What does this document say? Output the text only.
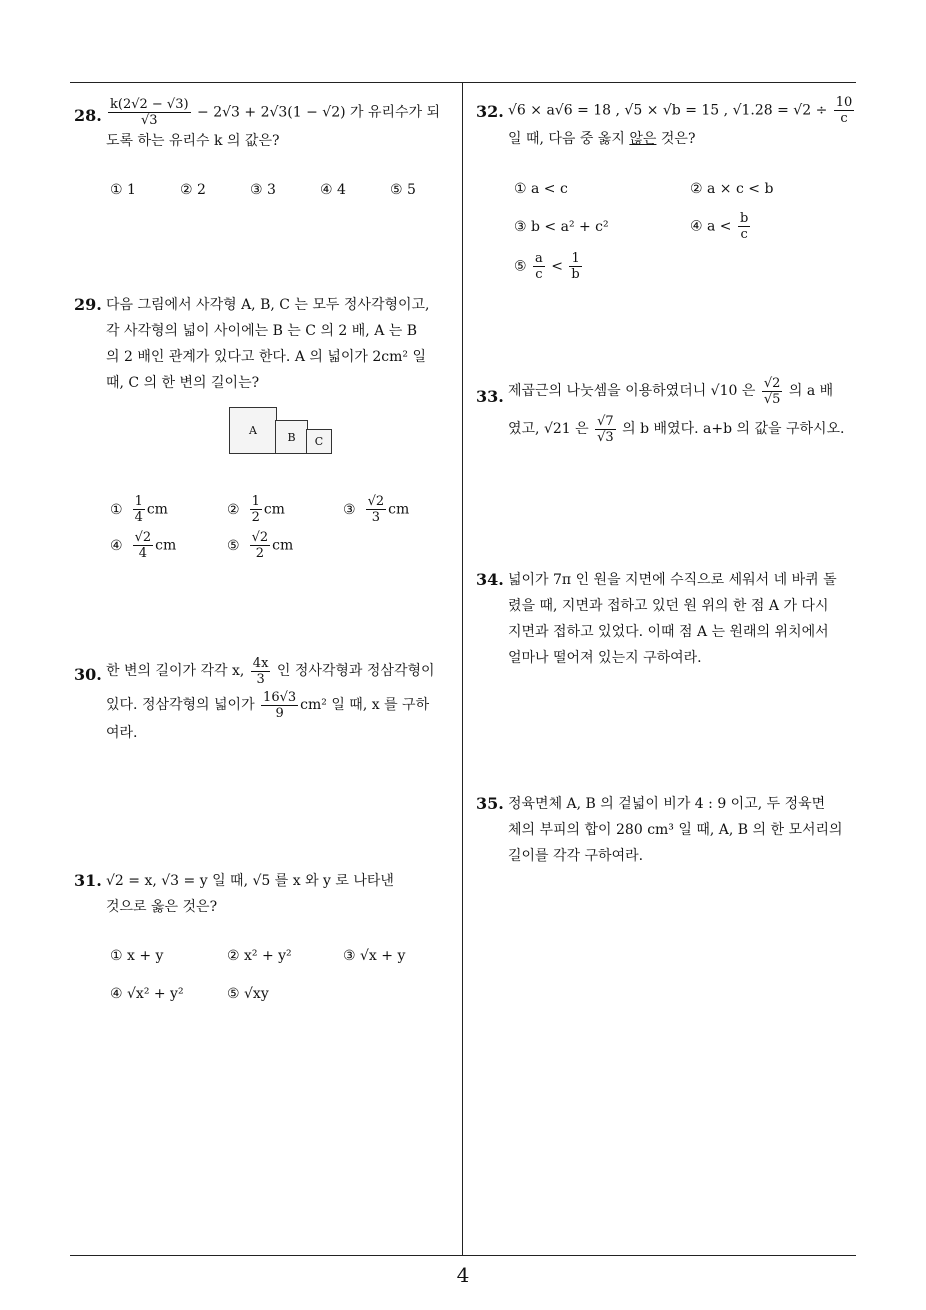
4
28. $\frac{k(2√2 - √3)}{√3} - 2√3 + 2√3(1 - √2)$ 가 유리수가 되
도록 하는 유리수 k 의 값은?
① 1	② 2	③ 3	④ 4	⑤ 5
29. 다음 그림에서 사각형 A, B, C 는 모두 정사각형이고,
각 사각형의 넓이 사이에는 B 는 C 의 2 배, A 는 B
의 2 배인 관계가 있다고 한다. A 의 넓이가 2cm² 일
때, C 의 한 변의 길이는?
A	B	C
① $\frac{1}{4}$ cm	② $\frac{1}{2}$ cm	③ $\frac{√2}{3}$ cm
④ $\frac{√2}{4}$ cm	⑤ $\frac{√2}{2}$ cm
30. 한 변의 길이가 각각 x, $\frac{4x}{3}$ 인 정사각형과 정삼각형이
있다. 정삼각형의 넓이가 $\frac{16√3}{9} cm^2$ 일 때, x 를 구하
여라.
31. √2 = x, √3 = y 일 때, √5 를 x 와 y 로 나타낸
것으로 옳은 것은?
① x + y	② x² + y²	③ √x + y
④ √x² + y²	⑤ √xy
32. √6 × a√6 = 18 , √5 × √b = 15 , $√1.28 = √2 \div \frac{10}{c}$
일 때, 다음 중 옳지 않은 것은?
① a < c	② a × c < b
③ b < a² + c²	④ $a < \frac{b}{c}$
⑤ $\frac{a}{c} < \frac{1}{b}$
33. 제곱근의 나눗셈을 이용하였더니 √10 은 $\frac{√2}{√5}$ 의 a 배
였고, √21 은 $\frac{√7}{√3}$ 의 b 배였다. a+b 의 값을 구하시오.
34. 넓이가 7π 인 원을 지면에 수직으로 세워서 네 바퀴 돌
렸을 때, 지면과 접하고 있던 원 위의 한 점 A 가 다시
지면과 접하고 있었다. 이때 점 A 는 원래의 위치에서
얼마나 떨어져 있는지 구하여라.
35. 정육면체 A, B 의 겉넓이 비가 4 : 9 이고, 두 정육면
체의 부피의 합이 280 cm³ 일 때, A, B 의 한 모서리의
길이를 각각 구하여라.
